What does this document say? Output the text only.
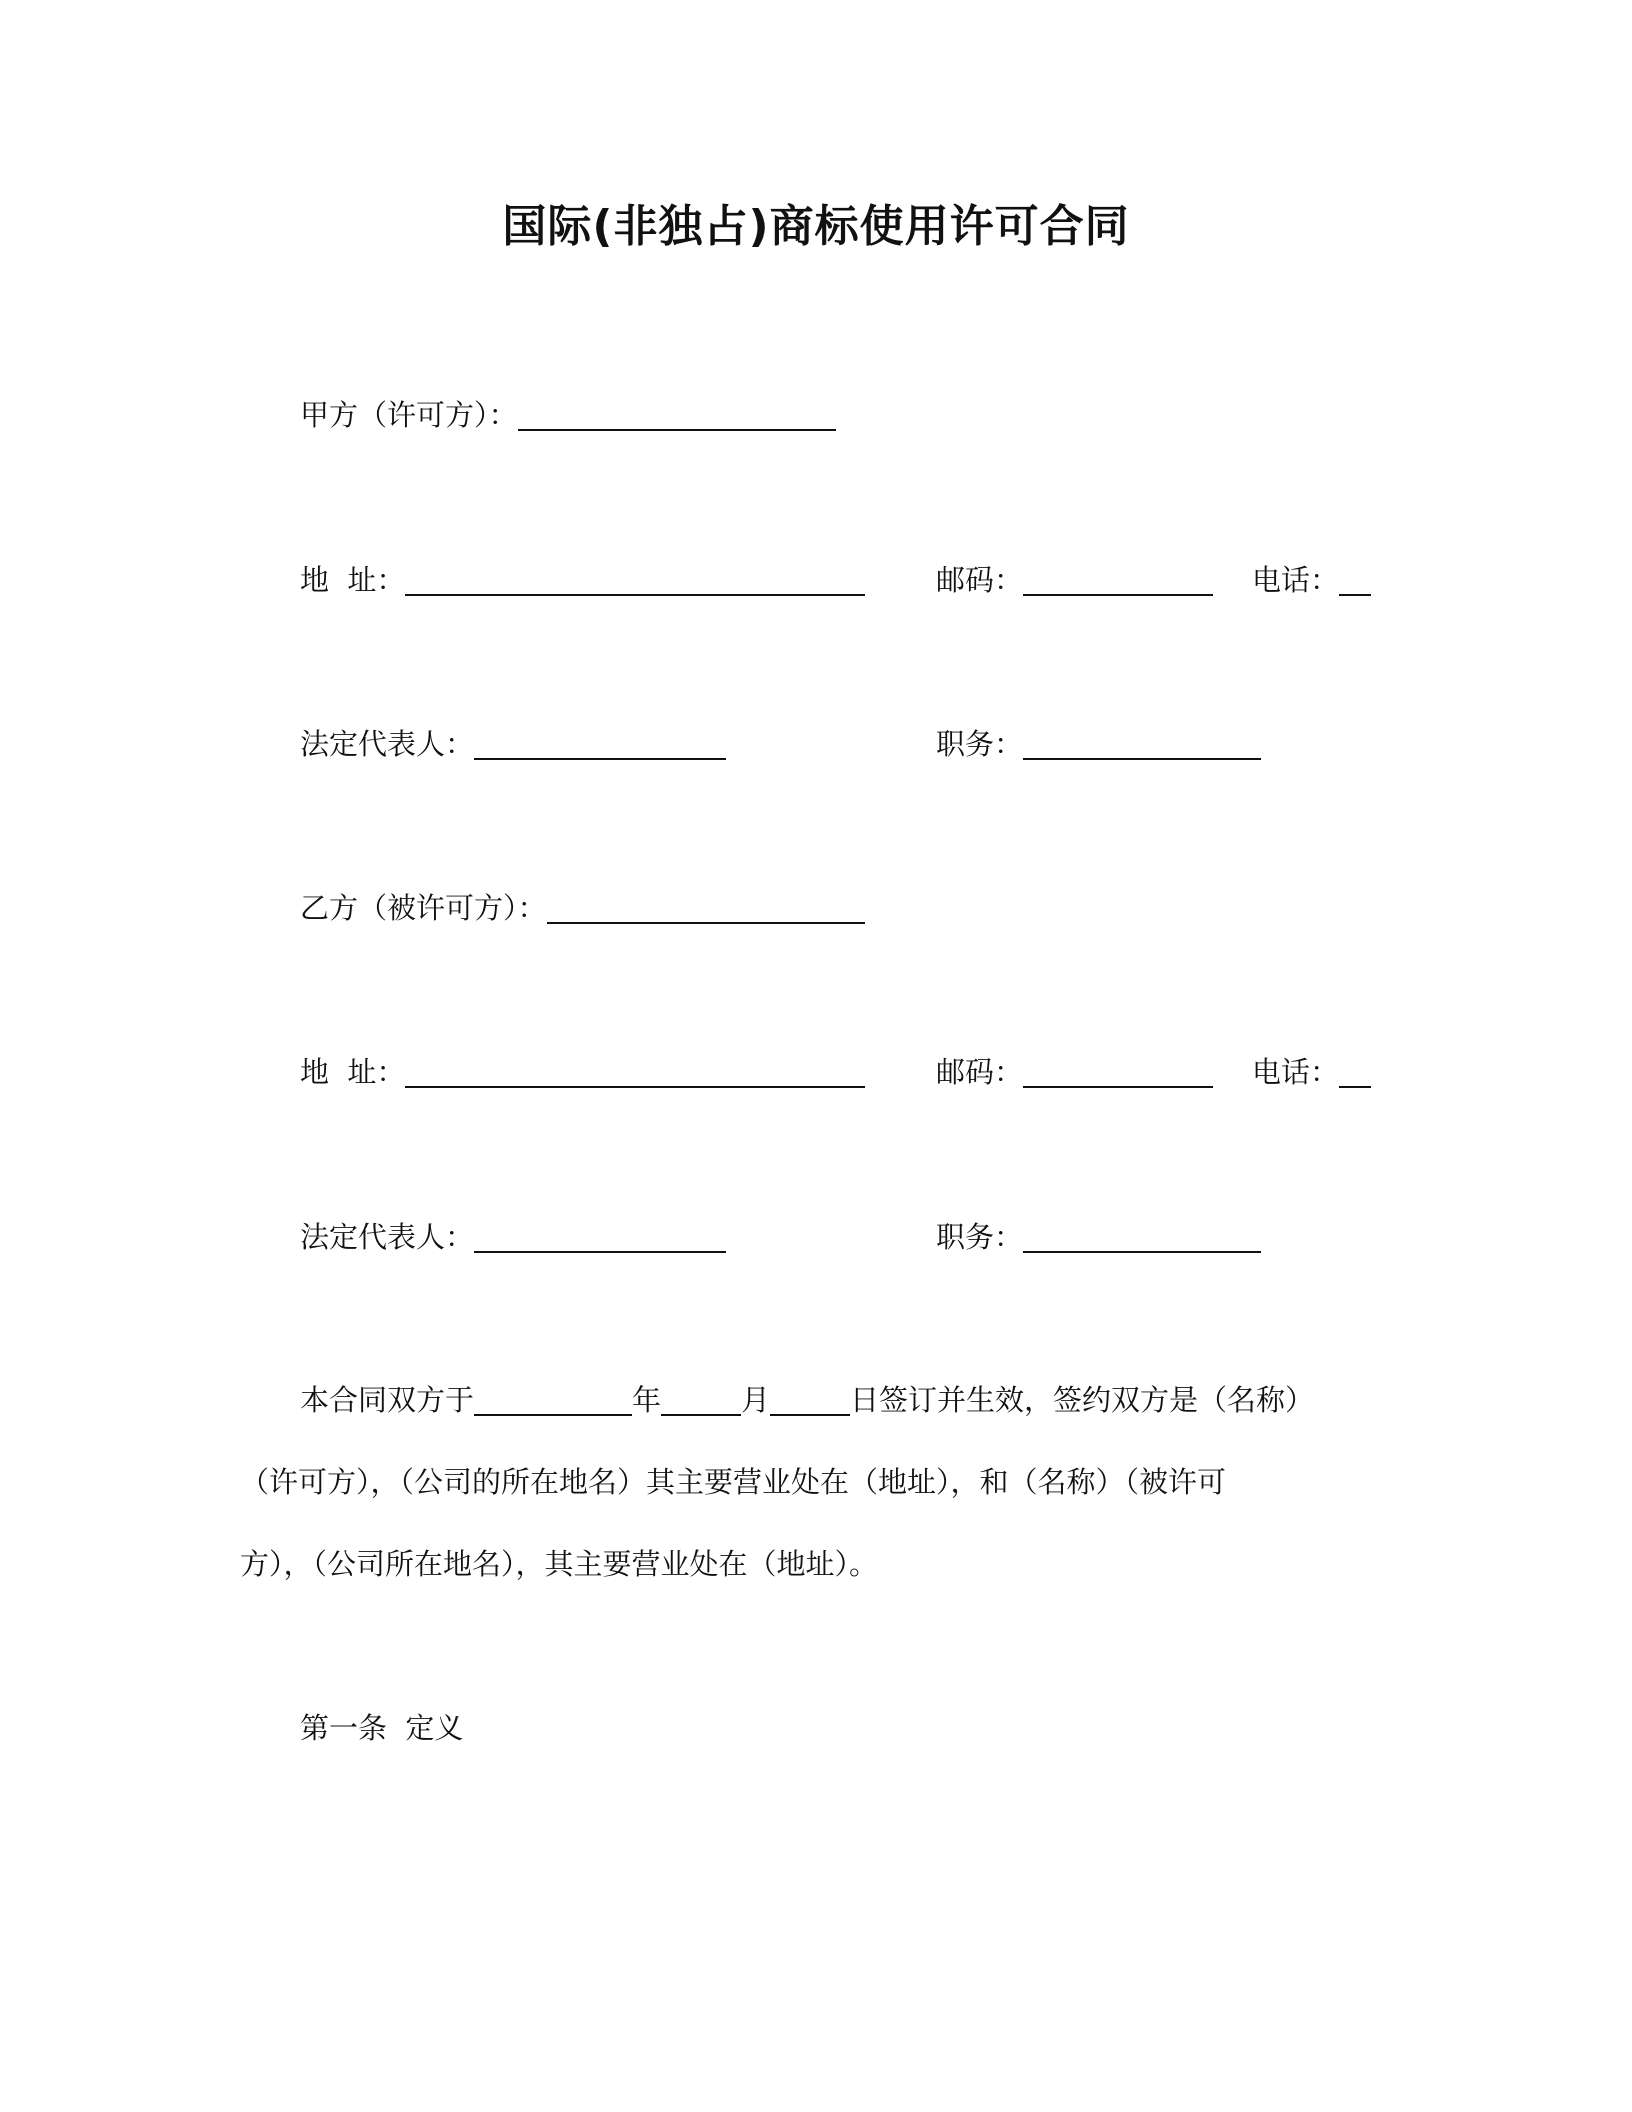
国际(非独占)商标使用许可合同
甲方（许可方）：
地  址：	邮码：	电话：
法定代表人：	职务：
乙方（被许可方）：
地  址：	邮码：	电话：
法定代表人：	职务：
本合同双方于	年	月	日签订并生效，签约双方是（名称）
（许可方），（公司的所在地名）其主要营业处在（地址），和（名称）（被许可
方），（公司所在地名），其主要营业处在（地址）。
第一条  定义
